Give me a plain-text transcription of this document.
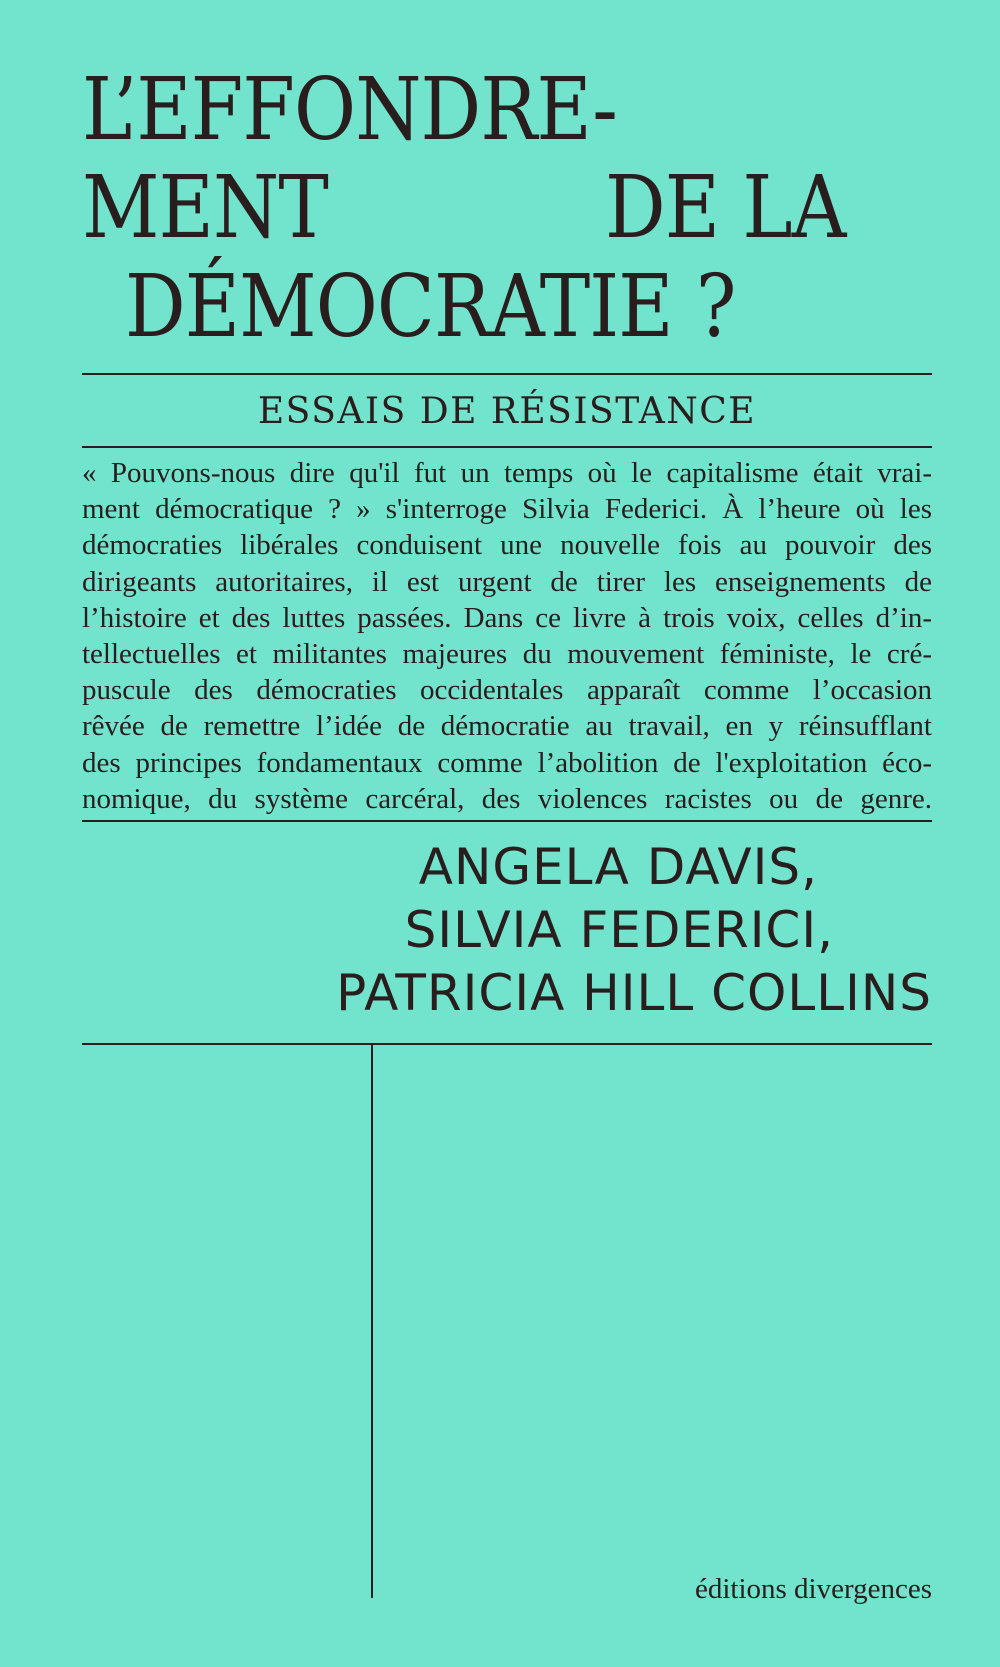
L’EFFONDRE-
MENT	DE LA
DÉMOCRATIE ?
ESSAIS DE RÉSISTANCE
« Pouvons-nous dire qu'il fut un temps où le capitalisme était vrai-
ment démocratique ? » s'interroge Silvia Federici. À l’heure où les
démocraties libérales conduisent une nouvelle fois au pouvoir des
dirigeants autoritaires, il est urgent de tirer les enseignements de
l’histoire et des luttes passées. Dans ce livre à trois voix, celles d’in-
tellectuelles et militantes majeures du mouvement féministe, le cré-
puscule des démocraties occidentales apparaît comme l’occasion
rêvée de remettre l’idée de démocratie au travail, en y réinsufflant
des principes fondamentaux comme l’abolition de l'exploitation éco-
nomique, du système carcéral, des violences racistes ou de genre.
ANGELA DAVIS,
SILVIA FEDERICI,
PATRICIA HILL COLLINS
éditions divergences
